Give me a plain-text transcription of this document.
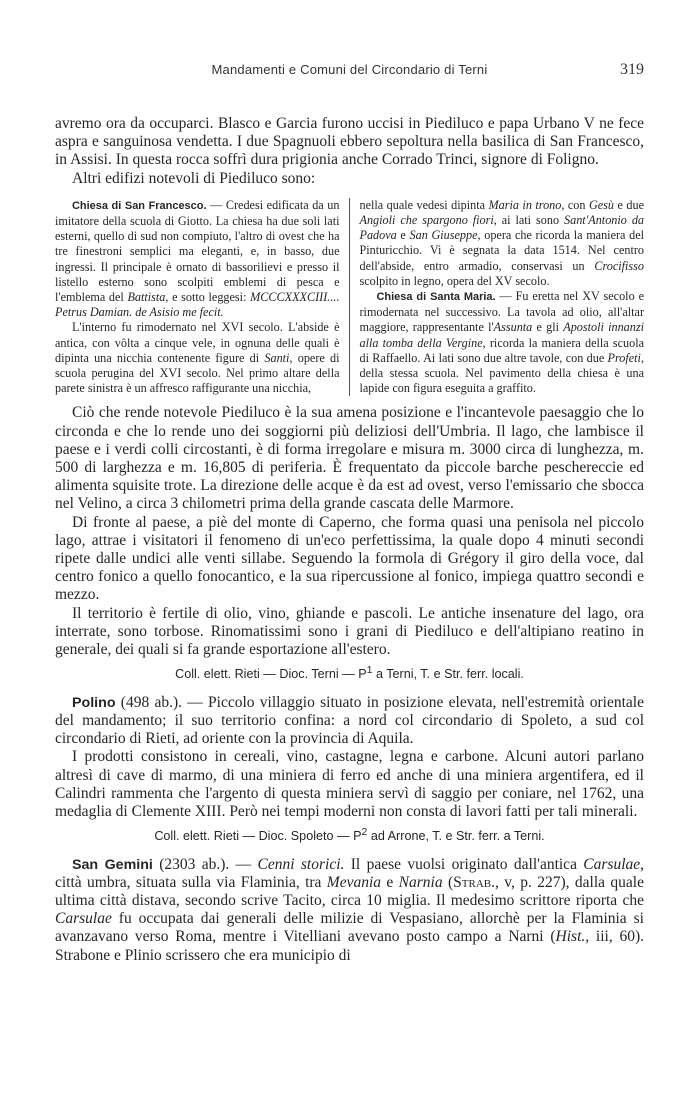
Mandamenti e Comuni del Circondario di Terni	319

avremo ora da occuparci. Blasco e Garcia furono uccisi in Piediluco e papa Urbano V ne fece aspra e sanguinosa vendetta. I due Spagnuoli ebbero sepoltura nella basilica di San Francesco, in Assisi. In questa rocca soffrì dura prigionia anche Corrado Trinci, signore di Foligno.

Altri edifizi notevoli di Piediluco sono:

Chiesa di San Francesco. — Credesi edificata da un imitatore della scuola di Giotto. La chiesa ha due soli lati esterni, quello di sud non compiuto, l'altro di ovest che ha tre finestroni semplici ma eleganti, e, in basso, due ingressi. Il principale è ornato di bassorilievi e presso il listello esterno sono scolpiti emblemi di pesca e l'emblema del Battista, e sotto leggesi: MCCCXXXCIII.... Petrus Damian. de Asisio me fecit.

L'interno fu rimodernato nel XVI secolo. L'abside è antica, con vôlta a cinque vele, in ognuna delle quali è dipinta una nicchia contenente figure di Santi, opere di scuola perugina del XVI secolo. Nel primo altare della parete sinistra è un affresco raffigurante una nicchia,

nella quale vedesi dipinta Maria in trono, con Gesù e due Angioli che spargono fiori, ai lati sono Sant'Antonio da Padova e San Giuseppe, opera che ricorda la maniera del Pinturicchio. Vi è segnata la data 1514. Nel centro dell'abside, entro armadio, conservasi un Crocifisso scolpito in legno, opera del XV secolo.

Chiesa di Santa Maria. — Fu eretta nel XV secolo e rimodernata nel successivo. La tavola ad olio, all'altar maggiore, rappresentante l'Assunta e gli Apostoli innanzi alla tomba della Vergine, ricorda la maniera della scuola di Raffaello. Ai lati sono due altre tavole, con due Profeti, della stessa scuola. Nel pavimento della chiesa è una lapide con figura eseguita a graffito.

Ciò che rende notevole Piediluco è la sua amena posizione e l'incantevole paesaggio che lo circonda e che lo rende uno dei soggiorni più deliziosi dell'Umbria. Il lago, che lambisce il paese e i verdi colli circostanti, è di forma irregolare e misura m. 3000 circa di lunghezza, m. 500 di larghezza e m. 16,805 di periferia. È frequentato da piccole barche peschereccie ed alimenta squisite trote. La direzione delle acque è da est ad ovest, verso l'emissario che sbocca nel Velino, a circa 3 chilometri prima della grande cascata delle Marmore.

Di fronte al paese, a piè del monte di Caperno, che forma quasi una penisola nel piccolo lago, attrae i visitatori il fenomeno di un'eco perfettissima, la quale dopo 4 minuti secondi ripete dalle undici alle venti sillabe. Seguendo la formola di Grégory il giro della voce, dal centro fonico a quello fonocantico, e la sua ripercussione al fonico, impiega quattro secondi e mezzo.

Il territorio è fertile di olio, vino, ghiande e pascoli. Le antiche insenature del lago, ora interrate, sono torbose. Rinomatissimi sono i grani di Piediluco e dell'altipiano reatino in generale, dei quali si fa grande esportazione all'estero.

Coll. elett. Rieti — Dioc. Terni — $P^1$ a Terni, T. e Str. ferr. locali.

Polino (498 ab.). — Piccolo villaggio situato in posizione elevata, nell'estremità orientale del mandamento; il suo territorio confina: a nord col circondario di Spoleto, a sud col circondario di Rieti, ad oriente con la provincia di Aquila.

I prodotti consistono in cereali, vino, castagne, legna e carbone. Alcuni autori parlano altresì di cave di marmo, di una miniera di ferro ed anche di una miniera argentifera, ed il Calindri rammenta che l'argento di questa miniera servì di saggio per coniare, nel 1762, una medaglia di Clemente XIII. Però nei tempi moderni non consta di lavori fatti per tali minerali.

Coll. elett. Rieti — Dioc. Spoleto — $P^2$ ad Arrone, T. e Str. ferr. a Terni.

San Gemini (2303 ab.). — Cenni storici. Il paese vuolsi originato dall'antica Carsulae, città umbra, situata sulla via Flaminia, tra Mevania e Narnia (Strab., v, p. 227), dalla quale ultima città distava, secondo scrive Tacito, circa 10 miglia. Il medesimo scrittore riporta che Carsulae fu occupata dai generali delle milizie di Vespasiano, allorchè per la Flaminia si avanzavano verso Roma, mentre i Vitelliani avevano posto campo a Narni (Hist., iii, 60). Strabone e Plinio scrissero che era municipio di
